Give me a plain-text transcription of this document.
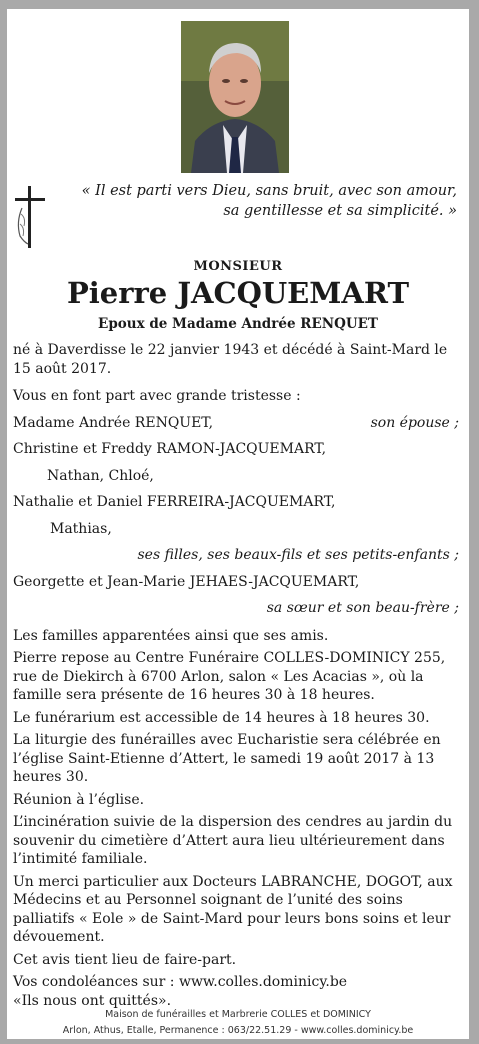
« Il est parti vers Dieu, sans bruit, avec son amour,
sa gentillesse et sa simplicité. »
MONSIEUR
Pierre JACQUEMART
Epoux de Madame Andrée RENQUET

né à Daverdisse le 22 janvier 1943 et décédé à Saint-Mard le 15 août 2017.

Vous en font part avec grande tristesse :

Madame Andrée RENQUET,	son épouse ;

Christine et Freddy RAMON-JACQUEMART,

Nathan, Chloé,

Nathalie et Daniel FERREIRA-JACQUEMART,

Mathias,

ses filles, ses beaux-fils et ses petits-enfants ;

Georgette et Jean-Marie JEHAES-JACQUEMART,

sa sœur et son beau-frère ;

Les familles apparentées ainsi que ses amis.

Pierre repose au Centre Funéraire COLLES-DOMINICY 255, rue de Diekirch à 6700 Arlon, salon « Les Acacias », où la famille sera présente de 16 heures 30 à 18 heures.

Le funérarium est accessible de 14 heures à 18 heures 30.

La liturgie des funérailles avec Eucharistie sera célébrée en l’église Saint-Etienne d’Attert, le samedi 19 août 2017 à 13 heures 30.

Réunion à l’église.

L’incinération suivie de la dispersion des cendres au jardin du souvenir du cimetière d’Attert aura lieu ultérieurement dans l’intimité familiale.

Un merci particulier aux Docteurs LABRANCHE, DOGOT, aux Médecins et au Personnel soignant de l’unité des soins palliatifs « Eole » de Saint-Mard pour leurs bons soins et leur dévouement.

Cet avis tient lieu de faire-part.

Vos condoléances sur : www.colles.dominicy.be

«Ils nous ont quittés».

Maison de funérailles et Marbrerie COLLES et DOMINICY
Arlon, Athus, Etalle, Permanence : 063/22.51.29 - www.colles.dominicy.be
